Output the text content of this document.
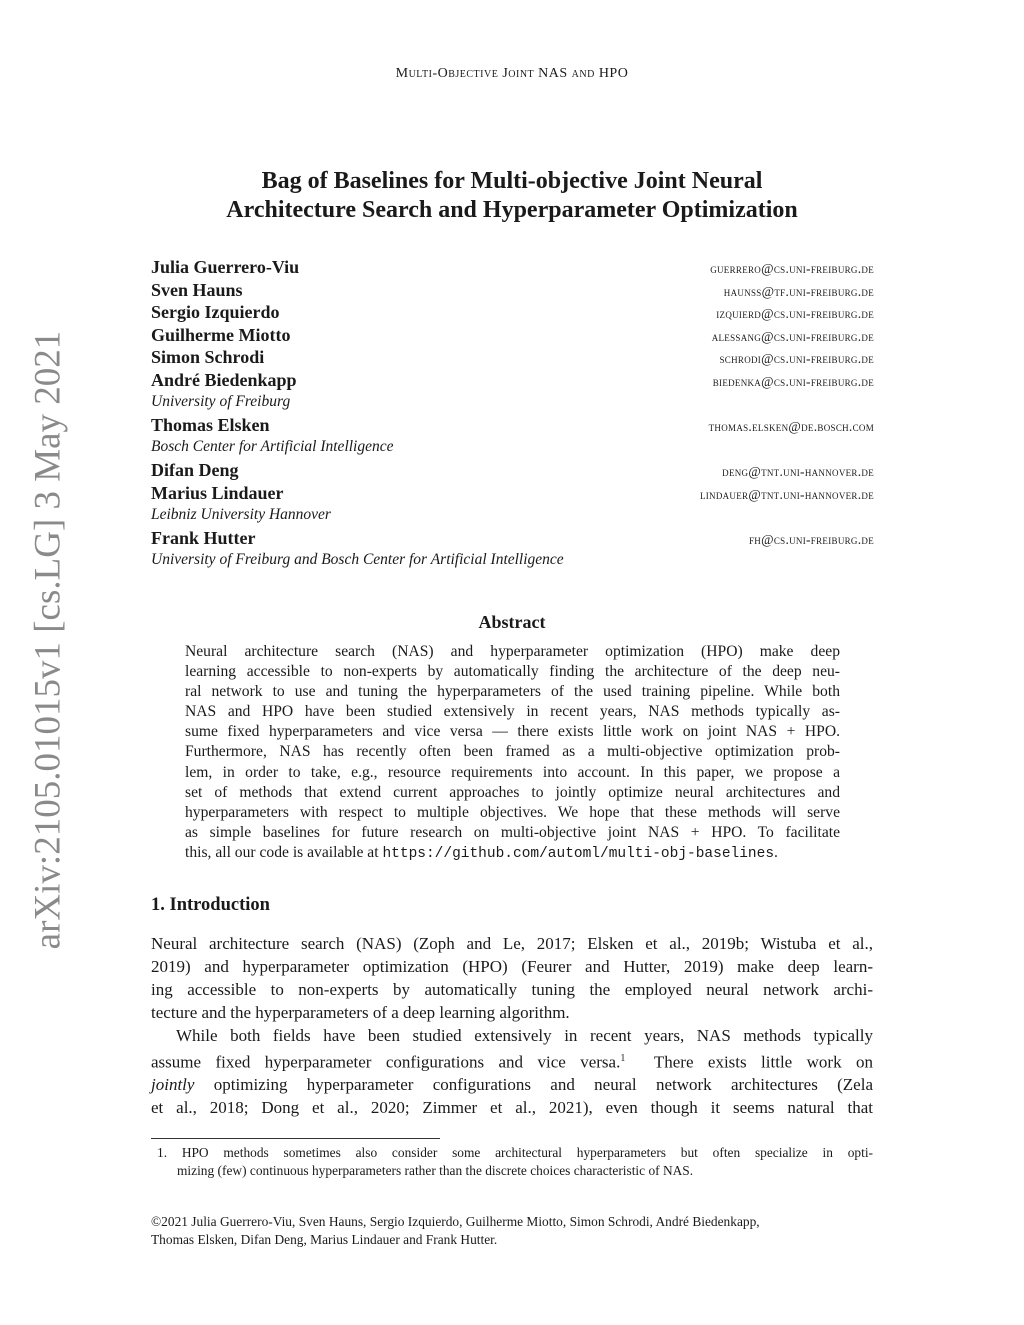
arXiv:2105.01015v1 [cs.LG] 3 May 2021
Multi-Objective Joint NAS and HPO
Bag of Baselines for Multi-objective Joint Neural
Architecture Search and Hyperparameter Optimization
Julia Guerrero-Viu	guerrero@cs.uni-freiburg.de
Sven Hauns	haunss@tf.uni-freiburg.de
Sergio Izquierdo	izquierd@cs.uni-freiburg.de
Guilherme Miotto	alessang@cs.uni-freiburg.de
Simon Schrodi	schrodi@cs.uni-freiburg.de
André Biedenkapp	biedenka@cs.uni-freiburg.de
University of Freiburg
Thomas Elsken	thomas.elsken@de.bosch.com
Bosch Center for Artificial Intelligence
Difan Deng	deng@tnt.uni-hannover.de
Marius Lindauer	lindauer@tnt.uni-hannover.de
Leibniz University Hannover
Frank Hutter	fh@cs.uni-freiburg.de
University of Freiburg and Bosch Center for Artificial Intelligence
Abstract
Neural architecture search (NAS) and hyperparameter optimization (HPO) make deep
learning accessible to non-experts by automatically finding the architecture of the deep neu-
ral network to use and tuning the hyperparameters of the used training pipeline. While both
NAS and HPO have been studied extensively in recent years, NAS methods typically as-
sume fixed hyperparameters and vice versa — there exists little work on joint NAS + HPO.
Furthermore, NAS has recently often been framed as a multi-objective optimization prob-
lem, in order to take, e.g., resource requirements into account. In this paper, we propose a
set of methods that extend current approaches to jointly optimize neural architectures and
hyperparameters with respect to multiple objectives. We hope that these methods will serve
as simple baselines for future research on multi-objective joint NAS + HPO. To facilitate
this, all our code is available at https://github.com/automl/multi-obj-baselines.
1. Introduction
Neural architecture search (NAS) (Zoph and Le, 2017; Elsken et al., 2019b; Wistuba et al.,
2019) and hyperparameter optimization (HPO) (Feurer and Hutter, 2019) make deep learn-
ing accessible to non-experts by automatically tuning the employed neural network archi-
tecture and the hyperparameters of a deep learning algorithm.
While both fields have been studied extensively in recent years, NAS methods typically
assume fixed hyperparameter configurations and vice versa.$^1$ There exists little work on
jointly optimizing hyperparameter configurations and neural network architectures (Zela
et al., 2018; Dong et al., 2020; Zimmer et al., 2021), even though it seems natural that
1. HPO methods sometimes also consider some architectural hyperparameters but often specialize in opti-
mizing (few) continuous hyperparameters rather than the discrete choices characteristic of NAS.
©2021 Julia Guerrero-Viu, Sven Hauns, Sergio Izquierdo, Guilherme Miotto, Simon Schrodi, André Biedenkapp,
Thomas Elsken, Difan Deng, Marius Lindauer and Frank Hutter.
